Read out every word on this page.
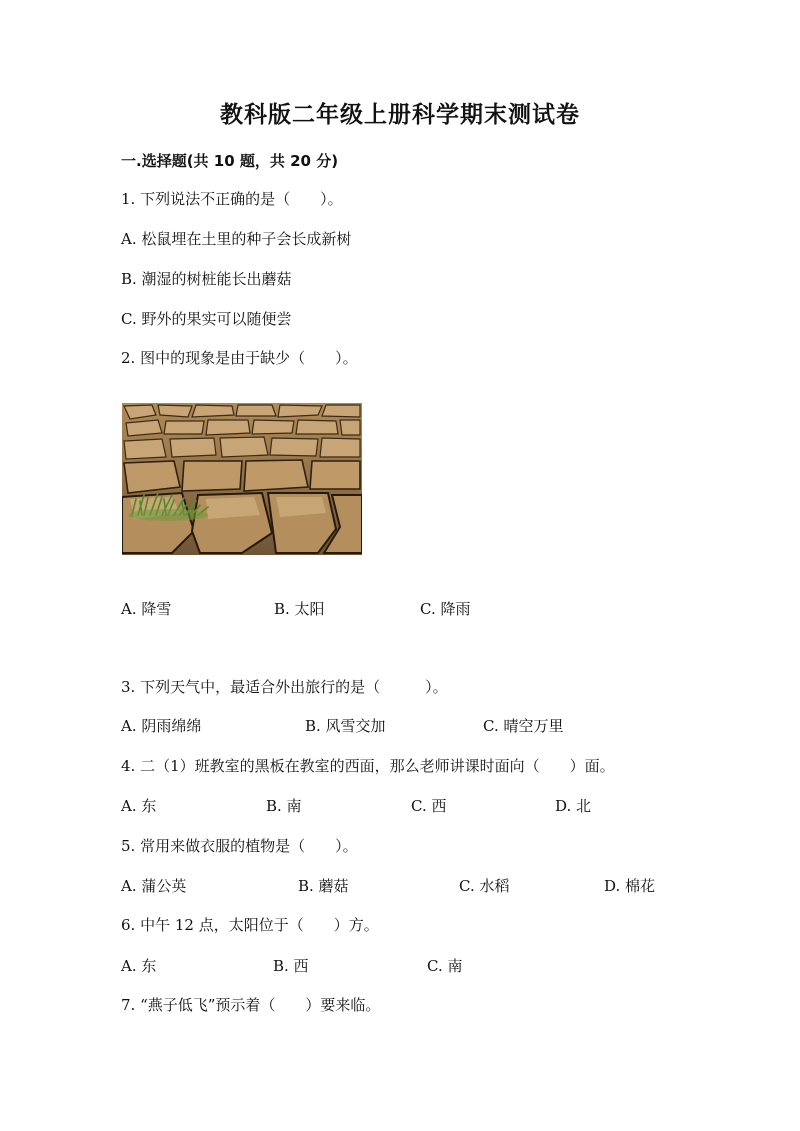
教科版二年级上册科学期末测试卷
一.选择题(共 10 题，共 20 分)
1. 下列说法不正确的是（　　）。
A. 松鼠埋在土里的种子会长成新树
B. 潮湿的树桩能长出蘑菇
C. 野外的果实可以随便尝
2. 图中的现象是由于缺少（　　）。
A. 降雪	B. 太阳	C. 降雨
3. 下列天气中，最适合外出旅行的是（　　　）。
A. 阴雨绵绵	B. 风雪交加	C. 晴空万里
4. 二（1）班教室的黑板在教室的西面，那么老师讲课时面向（　　）面。
A. 东	B. 南	C. 西	D. 北
5. 常用来做衣服的植物是（　　）。
A. 蒲公英	B. 蘑菇	C. 水稻	D. 棉花
6. 中午 12 点，太阳位于（　　）方。
A. 东	B. 西	C. 南
7. “燕子低飞”预示着（　　）要来临。
